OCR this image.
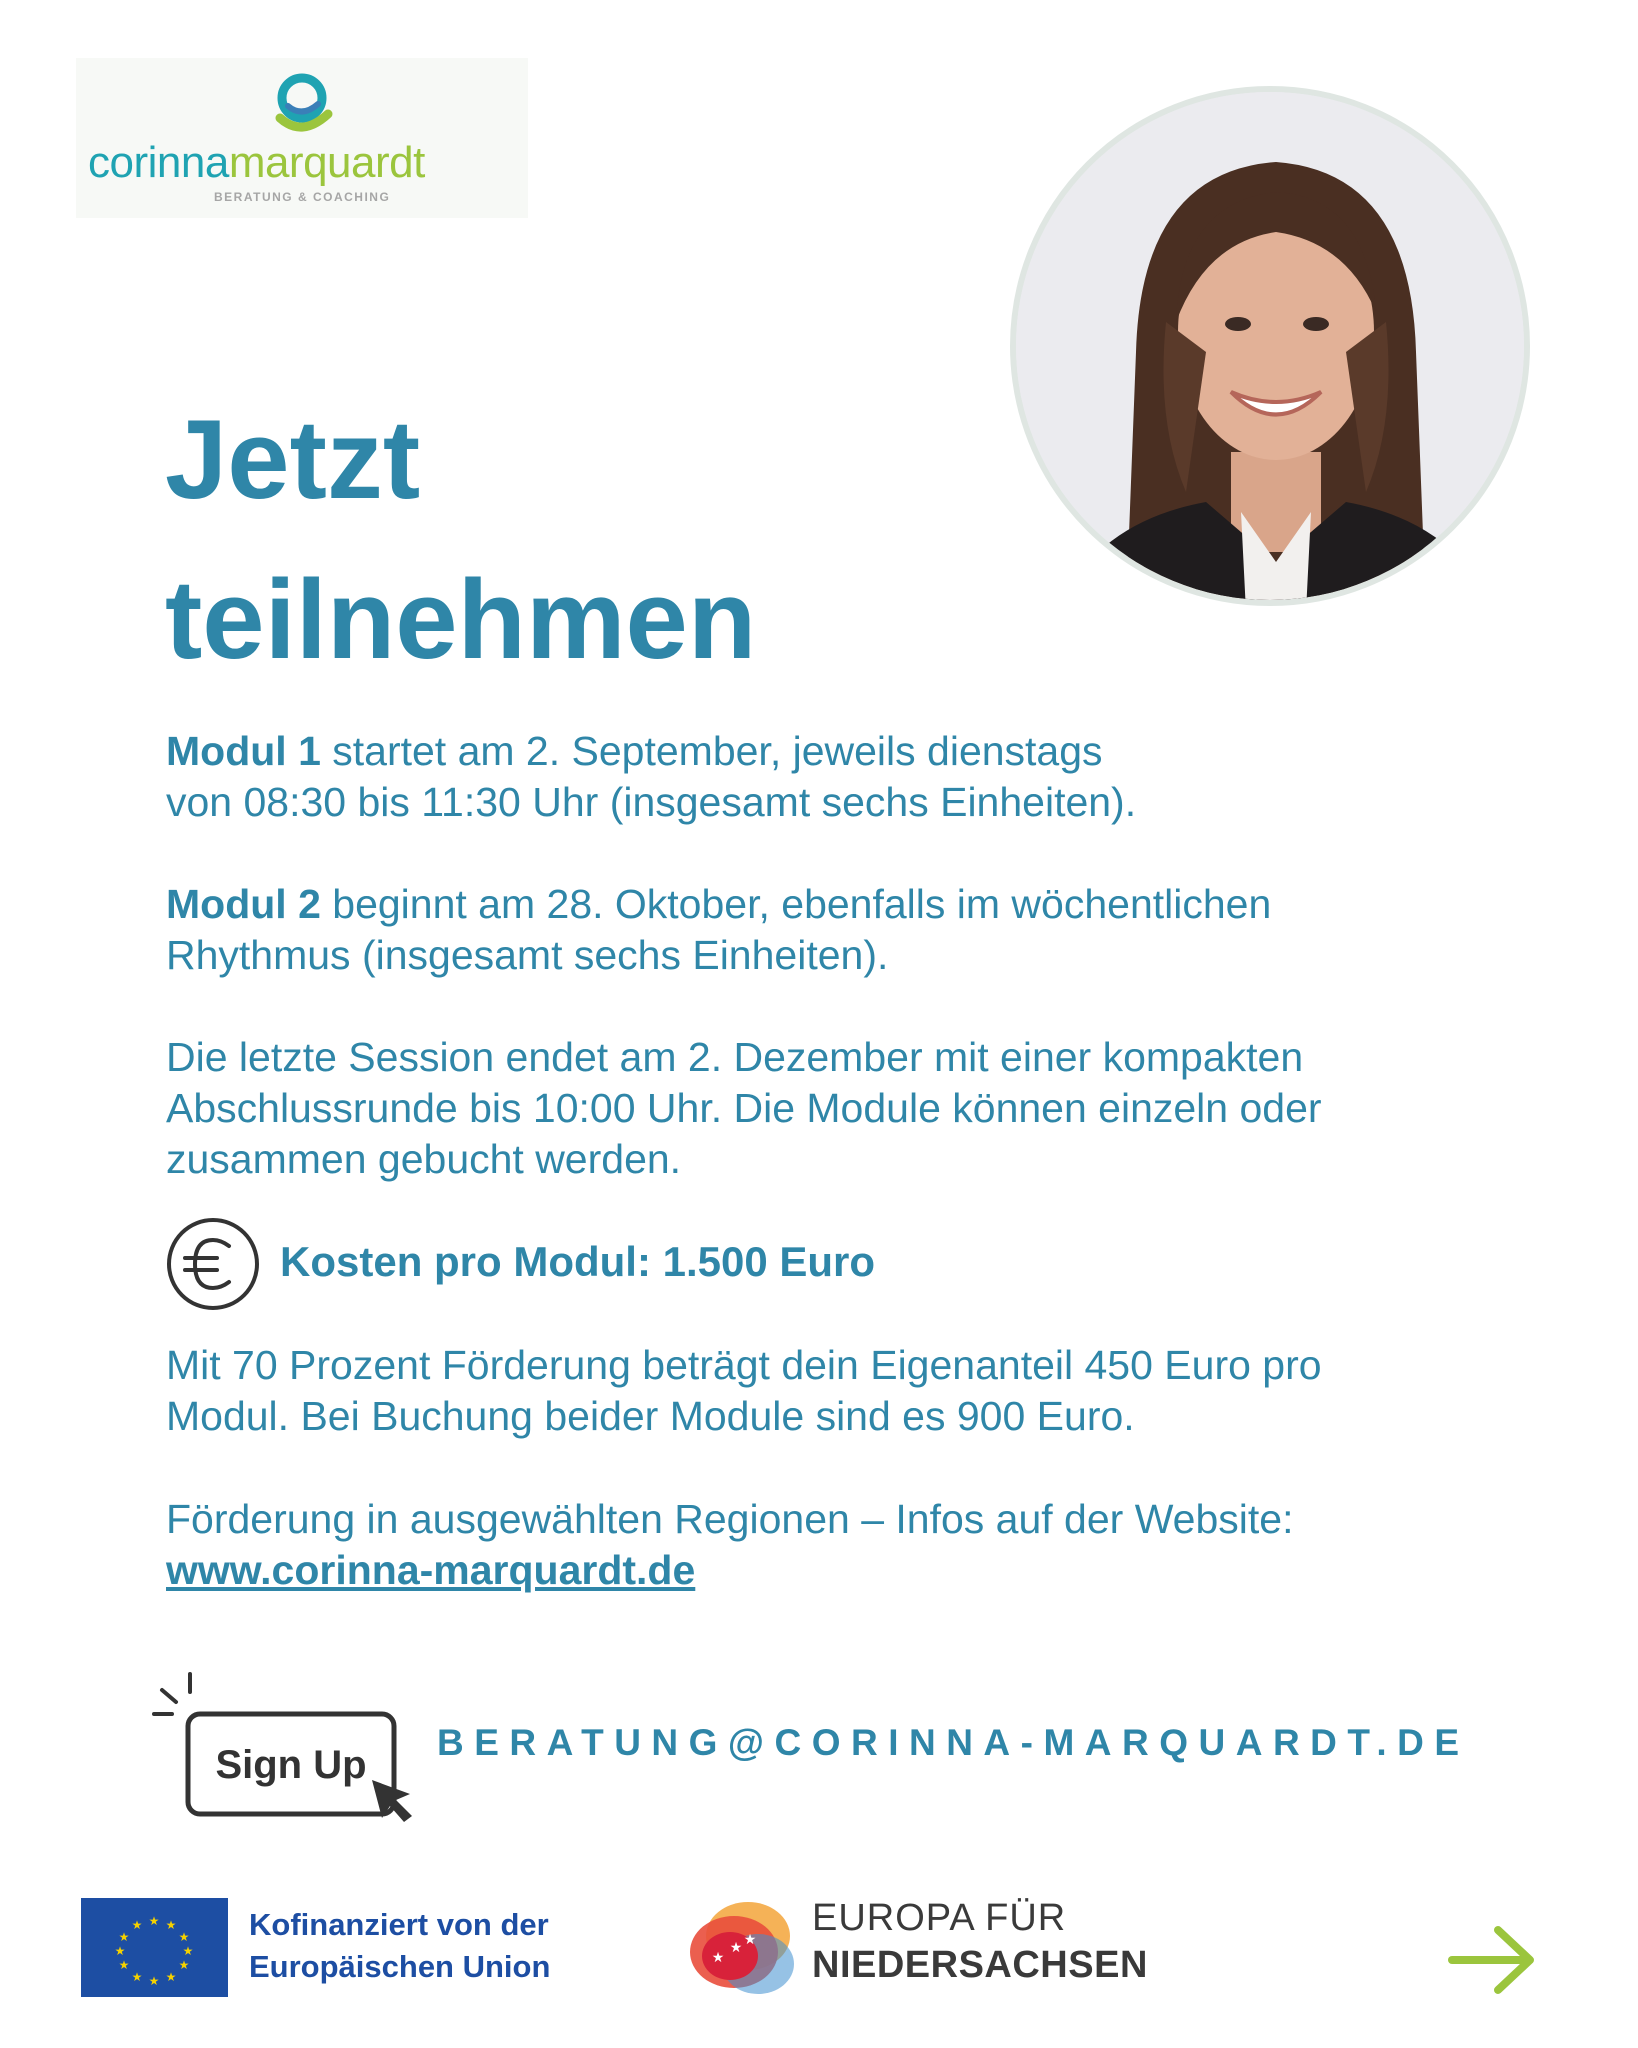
corinnamarquardt
BERATUNG & COACHING
Jetzt
teilnehmen

Modul 1 startet am 2. September, jeweils dienstags
von 08:30 bis 11:30 Uhr (insgesamt sechs Einheiten).

Modul 2 beginnt am 28. Oktober, ebenfalls im wöchentlichen
Rhythmus (insgesamt sechs Einheiten).

Die letzte Session endet am 2. Dezember mit einer kompakten
Abschlussrunde bis 10:00 Uhr. Die Module können einzeln oder
zusammen gebucht werden.

Kosten pro Modul: 1.500 Euro

Mit 70 Prozent Förderung beträgt dein Eigenanteil 450 Euro pro
Modul. Bei Buchung beider Module sind es 900 Euro.

Förderung in ausgewählten Regionen – Infos auf der Website:
www.corinna-marquardt.de

Sign Up
BERATUNG@CORINNA-MARQUARDT.DE
★ ★
★
★
★
★
★
★
★
★
★
★	Kofinanziert von der
Europäischen Union	★
★ ★
EUROPA FÜR
NIEDERSACHSEN
